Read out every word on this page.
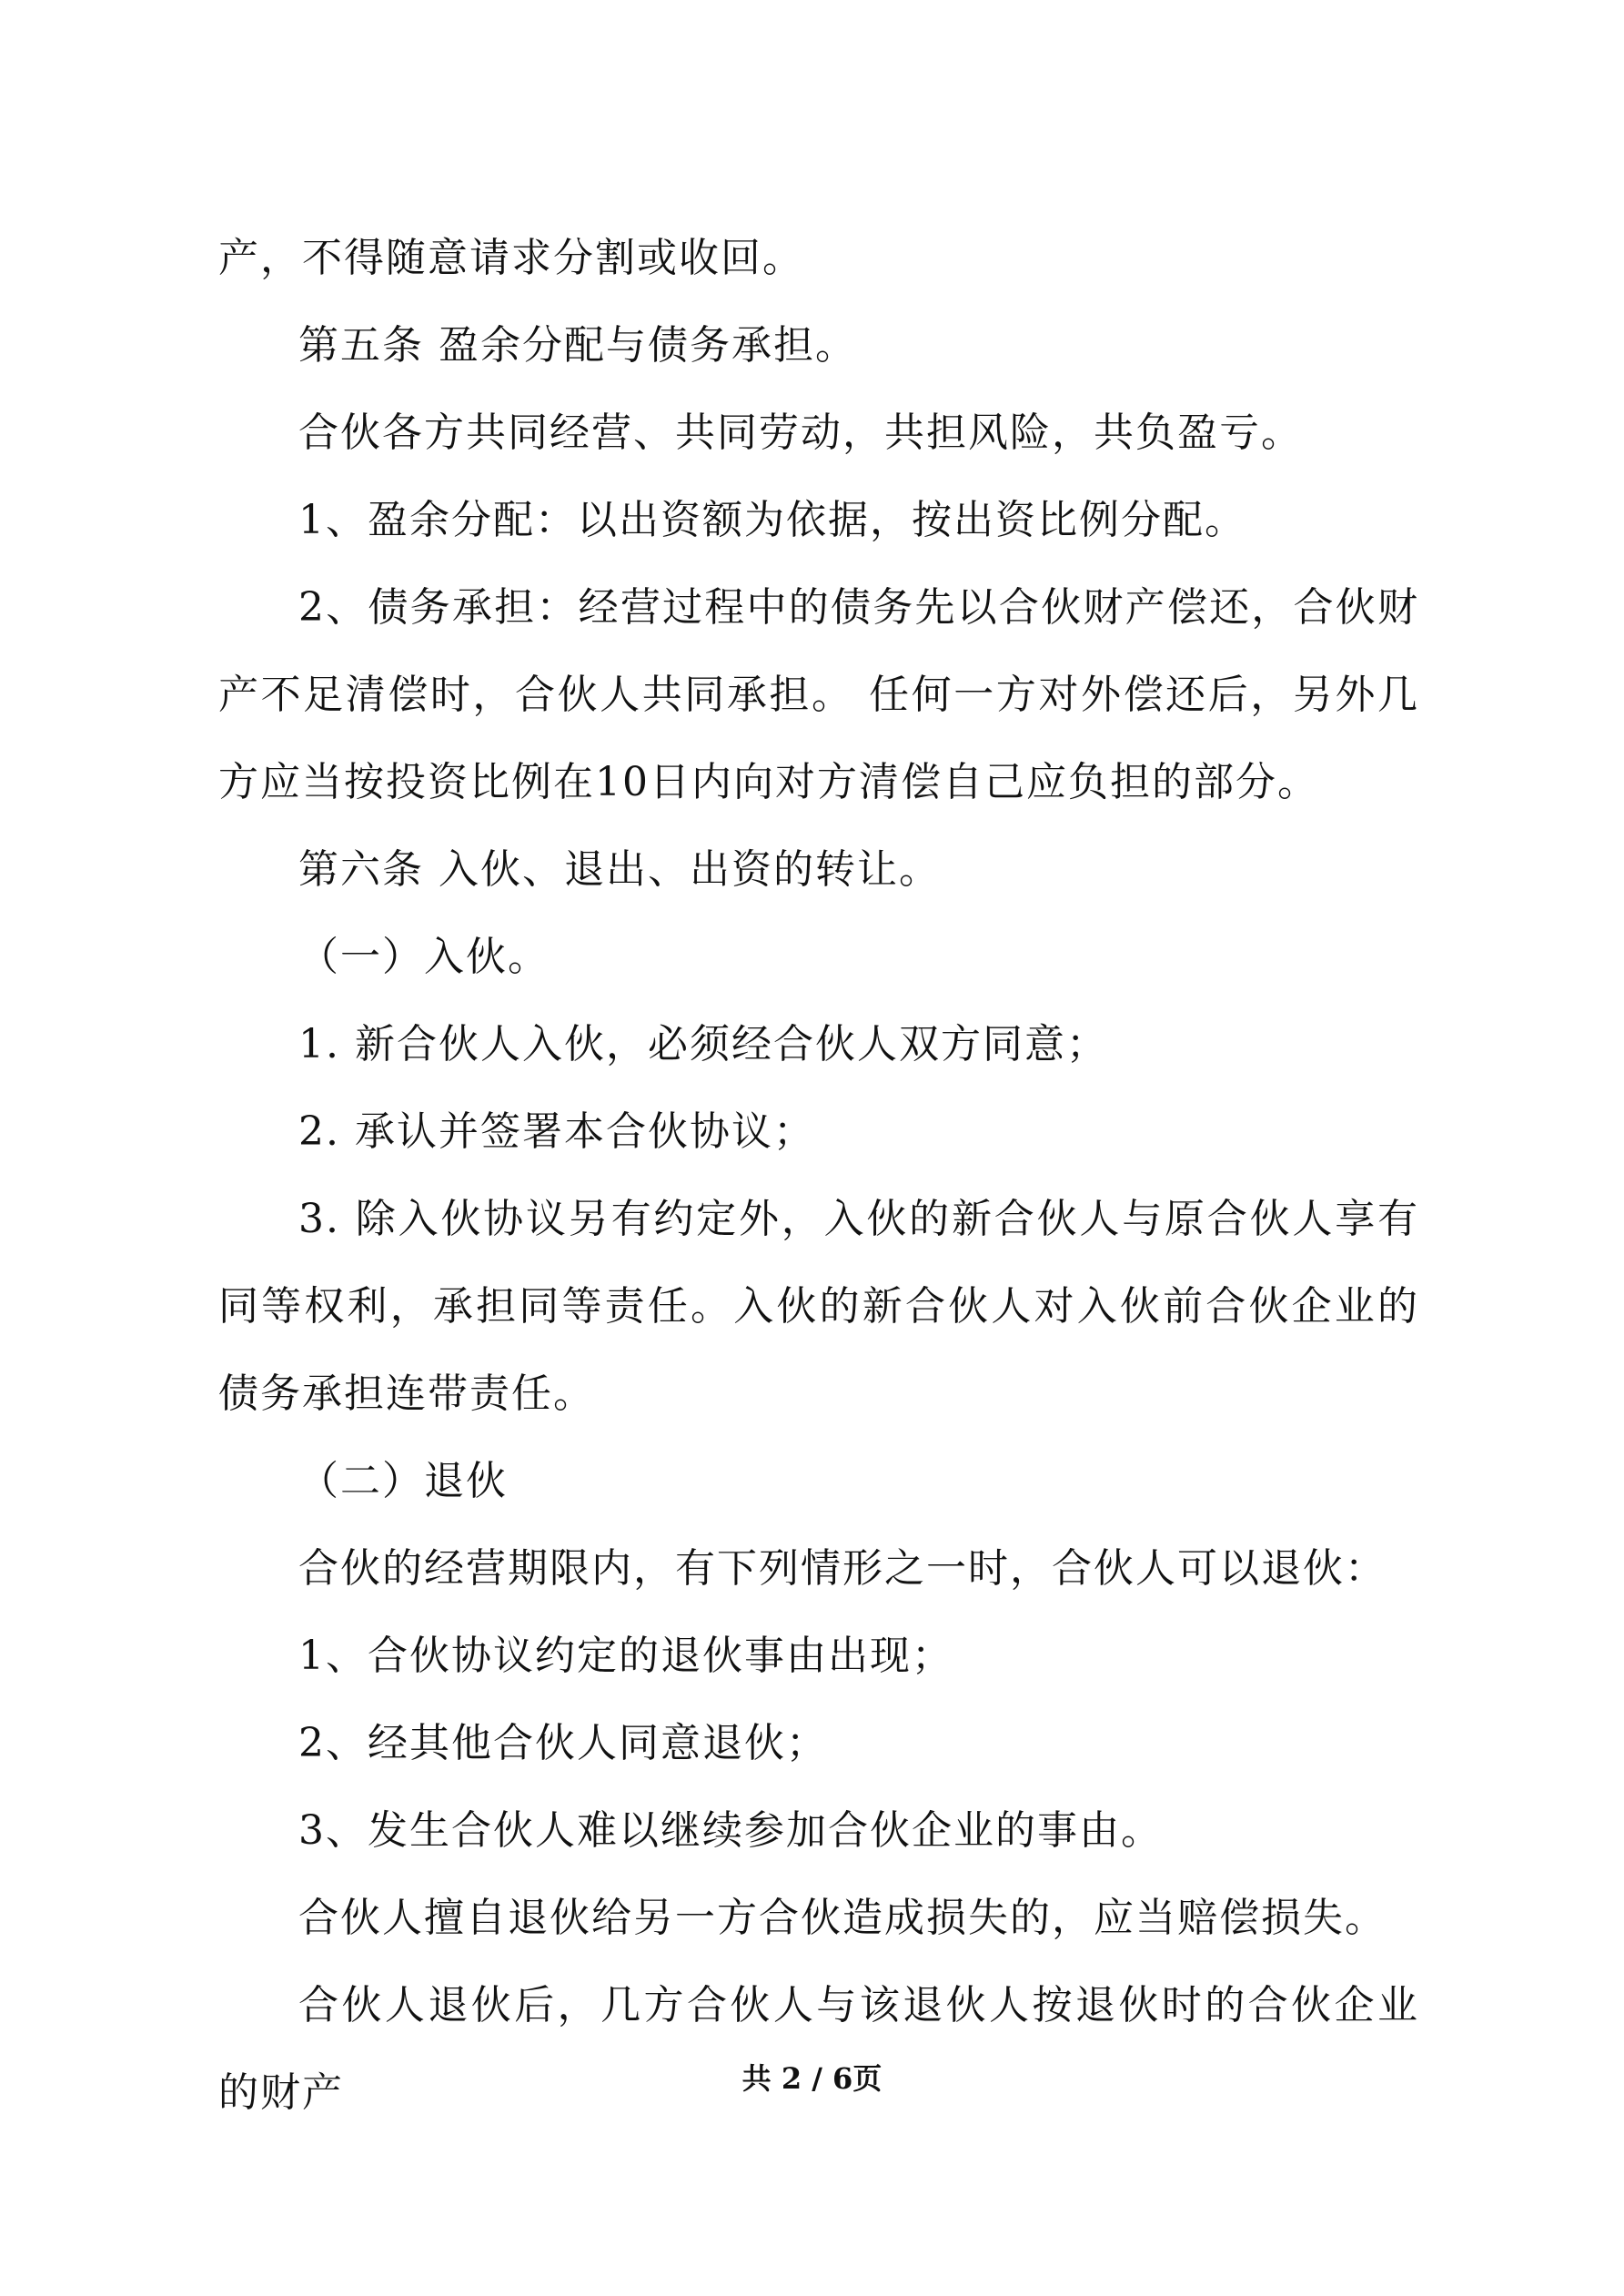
产，不得随意请求分割或收回。

第五条 盈余分配与债务承担。

合伙各方共同经营、共同劳动，共担风险，共负盈亏。

1、盈余分配：以出资额为依据，按出资比例分配。

2、债务承担：经营过程中的债务先以合伙财产偿还，合伙财产不足清偿时，合伙人共同承担。 任何一方对外偿还后，另外几方应当按投资比例在10日内向对方清偿自己应负担的部分。

第六条 入伙、退出、出资的转让。

（一）入伙。

1. 新合伙人入伙，必须经合伙人双方同意；

2. 承认并签署本合伙协议；

3. 除入伙协议另有约定外，入伙的新合伙人与原合伙人享有同等权利，承担同等责任。入伙的新合伙人对入伙前合伙企业的债务承担连带责任。

（二）退伙

合伙的经营期限内，有下列情形之一时，合伙人可以退伙：

1、合伙协议约定的退伙事由出现；

2、经其他合伙人同意退伙；

3、发生合伙人难以继续参加合伙企业的事由。

合伙人擅自退伙给另一方合伙造成损失的，应当赔偿损失。

合伙人退伙后，几方合伙人与该退伙人按退伙时的合伙企业的财产	共 2 / 6页
